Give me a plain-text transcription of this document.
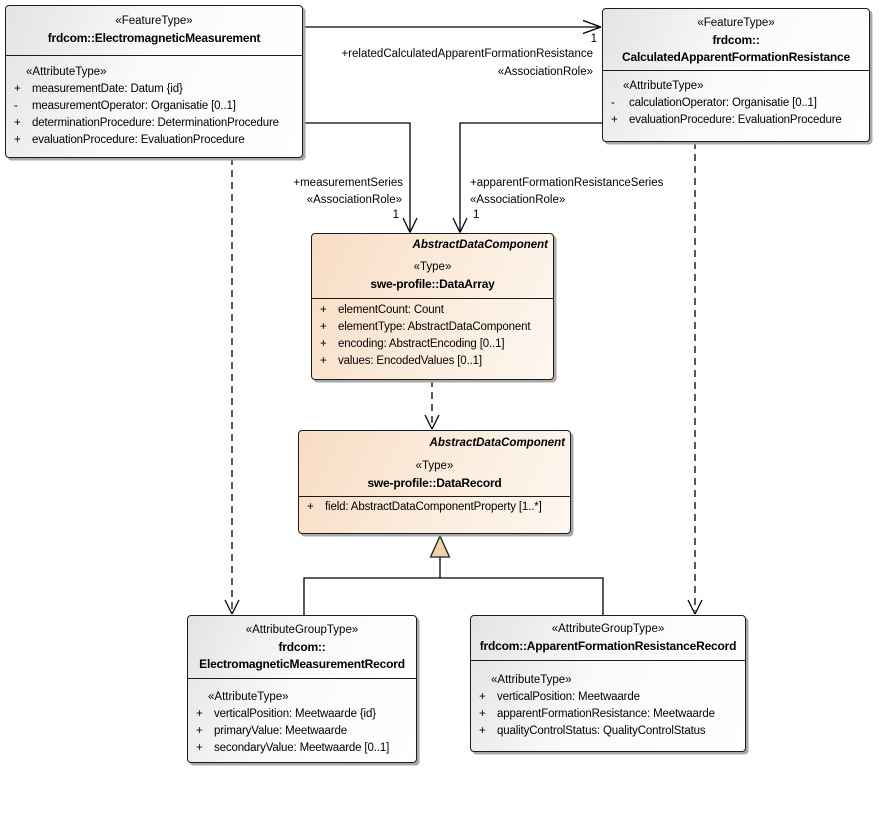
«FeatureType»
frdcom::ElectromagneticMeasurement
«AttributeType»
+ measurementDate: Datum {id}
-	measurementOperator: Organisatie [0..1]
+ determinationProcedure: DeterminationProcedure
+ evaluationProcedure: EvaluationProcedure
«FeatureType»
frdcom::
CalculatedApparentFormationResistance
«AttributeType»
-	calculationOperator: Organisatie [0..1]
+ evaluationProcedure: EvaluationProcedure
AbstractDataComponent
«Type»
swe-profile::DataArray
+ elementCount: Count
+ elementType: AbstractDataComponent
+ encoding: AbstractEncoding [0..1]
+ values: EncodedValues [0..1]
AbstractDataComponent
«Type»
swe-profile::DataRecord
+ field: AbstractDataComponentProperty [1..*]
«AttributeGroupType»
frdcom::
ElectromagneticMeasurementRecord
«AttributeType»
+ verticalPosition: Meetwaarde {id}
+ primaryValue: Meetwaarde
+ secondaryValue: Meetwaarde [0..1]
«AttributeGroupType»
frdcom::ApparentFormationResistanceRecord
«AttributeType»
+ verticalPosition: Meetwaarde
+ apparentFormationResistance: Meetwaarde
+ qualityControlStatus: QualityControlStatus
1
+relatedCalculatedApparentFormationResistance
«AssociationRole»
+measurementSeries
«AssociationRole»
1
+apparentFormationResistanceSeries
«AssociationRole»
1
